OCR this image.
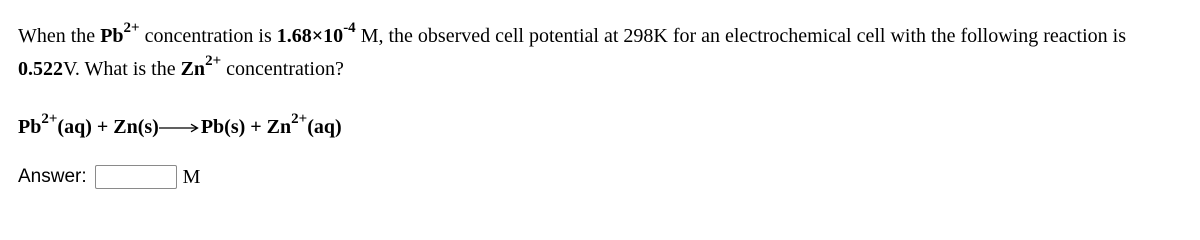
When the $Pb^{2+}$ concentration is $1.68\times 10^{-4}$ M, the observed cell potential at 298K for an electrochemical cell with the following reaction is 0.522V. What is the $Zn^{2+}$ concentration?
$Pb^{2+}(aq) + Zn(s)\to Pb(s) + Zn^{2+}(aq)$
Answer:	M
